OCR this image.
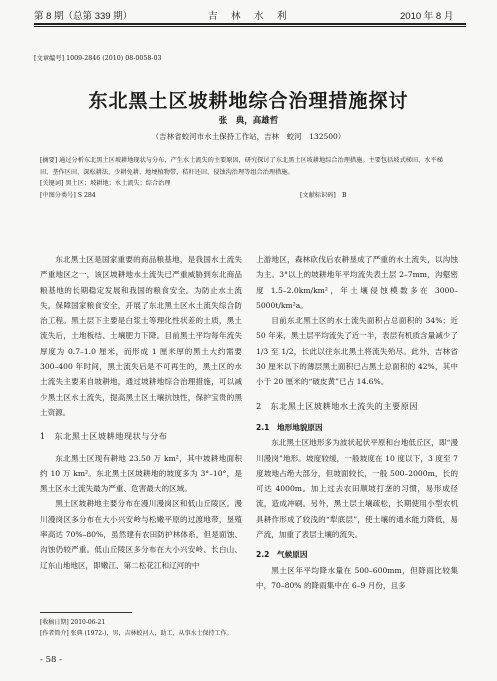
第 8 期（总第 339 期）	吉　林　水　利	2010 年 8 月
[文章编号] 1009-2846 (2010) 08-0058-03
东北黑土区坡耕地综合治理措施探讨
张　典，高雄哲
（吉林省蛟河市水土保持工作站，吉林　蛟河　132500）
[摘要] 通过分析东北黑土区坡耕地现状与分布，产生水土流失的主要原因，研究探讨了东北黑土区坡耕地综合治理措施。主要包括坡式梯田、水平梯田、垄作区田、深松耕法、少耕免耕、地埂植物带、秸秆还田、侵蚀沟治理等组合治理措施。
[关键词] 黑土区；坡耕地；水土流失；综合治理
[中图分类号] S 284	[文献标识码]　B

东北黑土区是国家重要的商品粮基地，是我国水土流失严重地区之一，该区坡耕地水土流失已严重威胁到东北商品粮基地的长期稳定发展和我国的粮食安全。为防止水土流失，保障国家粮食安全，开展了东北黑土区水土流失综合防治工程。黑土层下主要是白浆土等理化性状差的土质，黑土流失后，土地板结、土壤肥力下降。目前黑土平均每年流失厚度为 0.7–1.0 厘米，而形成 1 厘米厚的黑土大约需要 300–400 年时间，黑土流失后是不可再生的，黑土区的水土流失主要来自坡耕地，通过坡耕地综合治理措施，可以减少黑土区水土流失，提高黑土区土壤抗蚀性，保护宝贵的黑土资源。

1　东北黑土区坡耕地现状与分布

东北黑土区现有耕地 23.50 万 km²，其中坡耕地面积约 10 万 km²。东北黑土区坡耕地的坡度多为 3°–10°，是黑土区水土流失最为严重、危害最大的区域。

黑土区坡耕地主要分布在漫川漫岗区和低山丘陵区。漫川漫岗区多分布在大小兴安岭与松嫩平原的过渡地带，垦殖率高达 70%–80%，虽然建有农田防护林体系，但是面蚀、沟蚀仍较严重。低山丘陵区多分布在大小兴安岭、长白山、辽东山地地区，即嫩江、第二松花江和辽河的中

上游地区，森林砍伐后农耕垦成了严重的水土流失，以沟蚀为主。3°以上的坡耕地年平均流失表土层 2–7mm，沟壑密度 1.5–2.0km/km²，年土壤侵蚀模数多在 3000–5000t/km²a。

目前东北黑土区的水土流失面积占总面积的 34%；近 50 年来，黑土层平均流失了近一半，表层有机质含量减少了 1/3 至 1/2，长此以往东北黑土将流失殆尽。此外，吉林省 30 厘米以下的薄层黑土面积已占黑土总面积的 42%，其中小于 20 厘米的“破皮黄”已占 14.6%。

2　东北黑土区坡耕地水土流失的主要原因
2.1　地形地貌原因

东北黑土区地形多为波状起伏平原和台地低丘区，即“漫川漫岗”地形。坡度较缓，一般坡度在 10 度以下，3 度至 7 度坡地占绝大部分，但坡面较长，一般 500–2000m，长的可达 4000m。加上过去农田顺坡打垄的习惯，易形成径流，造成冲刷。另外，黑土层土壤疏松，长期使用小型农机具耕作形成了较浅的“犁底层”，使土壤的通水能力降低，易产流，加重了表层土壤的流失。

2.2　气候原因

黑土区年平均降水量在 500–600mm，但降雨比较集中，70–80% 的降雨集中在 6–9 月份，且多

[收稿日期] 2010-06-21
[作者简介] 张典 (1972-)，男，吉林蛟河人，助工，从事水土保持工作。
- 58 -
